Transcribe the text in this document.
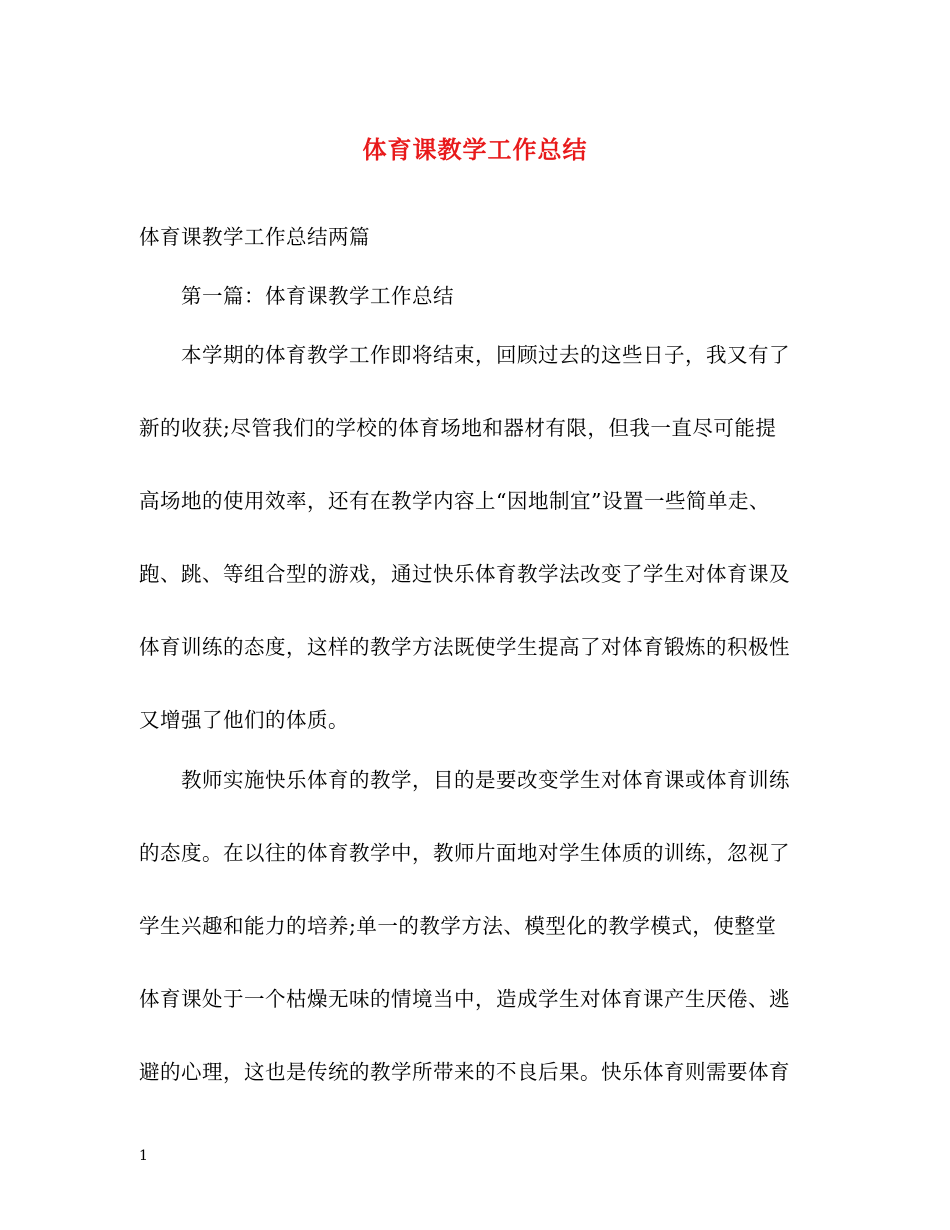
体育课教学工作总结
体育课教学工作总结两篇
第一篇：体育课教学工作总结
本学期的体育教学工作即将结束，回顾过去的这些日子，我又有了
新的收获;尽管我们的学校的体育场地和器材有限，但我一直尽可能提
高场地的使用效率，还有在教学内容上“因地制宜”设置一些简单走、
跑、跳、等组合型的游戏，通过快乐体育教学法改变了学生对体育课及
体育训练的态度，这样的教学方法既使学生提高了对体育锻炼的积极性
又增强了他们的体质。
教师实施快乐体育的教学，目的是要改变学生对体育课或体育训练
的态度。在以往的体育教学中，教师片面地对学生体质的训练，忽视了
学生兴趣和能力的培养;单一的教学方法、模型化的教学模式，使整堂
体育课处于一个枯燥无味的情境当中，造成学生对体育课产生厌倦、逃
避的心理，这也是传统的教学所带来的不良后果。快乐体育则需要体育
1
